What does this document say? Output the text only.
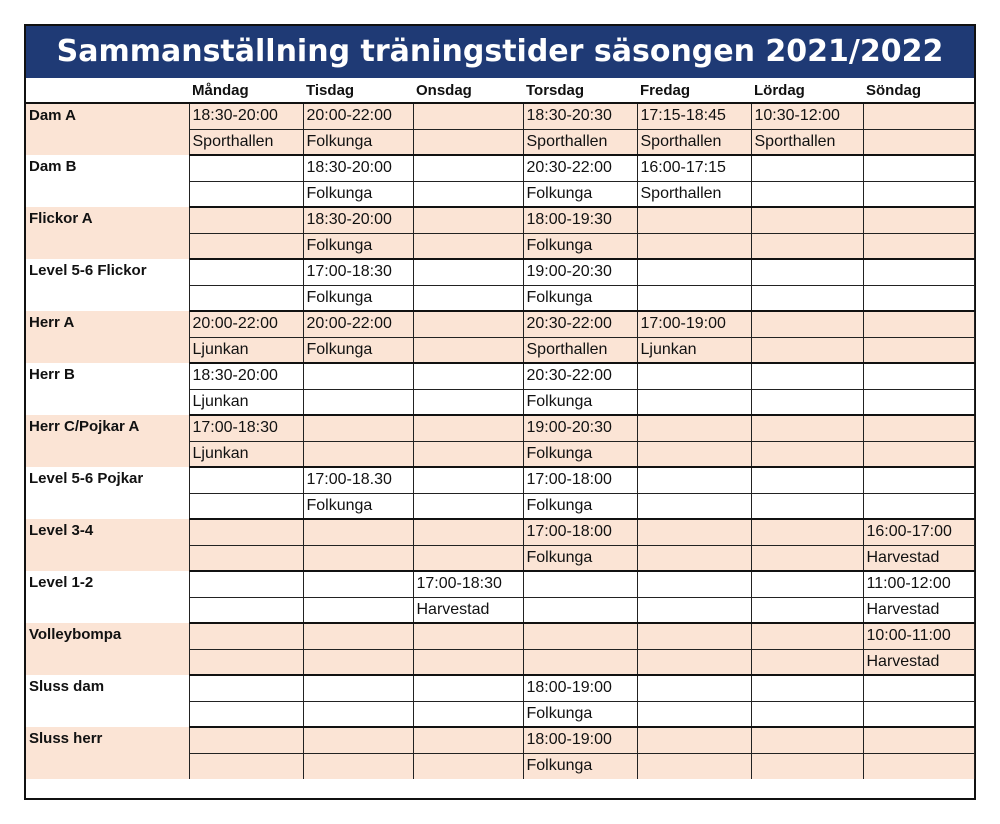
Sammanställning träningstider säsongen 2021/2022
	Måndag	Tisdag	Onsdag	Torsdag	Fredag	Lördag	Söndag
Dam A	18:30-20:00	20:00-22:00		18:30-20:30	17:15-18:45	10:30-12:00	
	Sporthallen	Folkunga		Sporthallen	Sporthallen	Sporthallen	
Dam B		18:30-20:00		20:30-22:00	16:00-17:15		
		Folkunga		Folkunga	Sporthallen		
Flickor A		18:30-20:00		18:00-19:30			
		Folkunga		Folkunga			
Level 5-6 Flickor		17:00-18:30		19:00-20:30			
		Folkunga		Folkunga			
Herr A	20:00-22:00	20:00-22:00		20:30-22:00	17:00-19:00		
	Ljunkan	Folkunga		Sporthallen	Ljunkan		
Herr B	18:30-20:00			20:30-22:00			
	Ljunkan			Folkunga			
Herr C/Pojkar A	17:00-18:30			19:00-20:30			
	Ljunkan			Folkunga			
Level 5-6 Pojkar		17:00-18.30		17:00-18:00			
		Folkunga		Folkunga			
Level 3-4				17:00-18:00			16:00-17:00
				Folkunga			Harvestad
Level 1-2			17:00-18:30				11:00-12:00
			Harvestad				Harvestad
Volleybompa							10:00-11:00
							Harvestad
Sluss dam				18:00-19:00			
				Folkunga			
Sluss herr				18:00-19:00			
				Folkunga			
